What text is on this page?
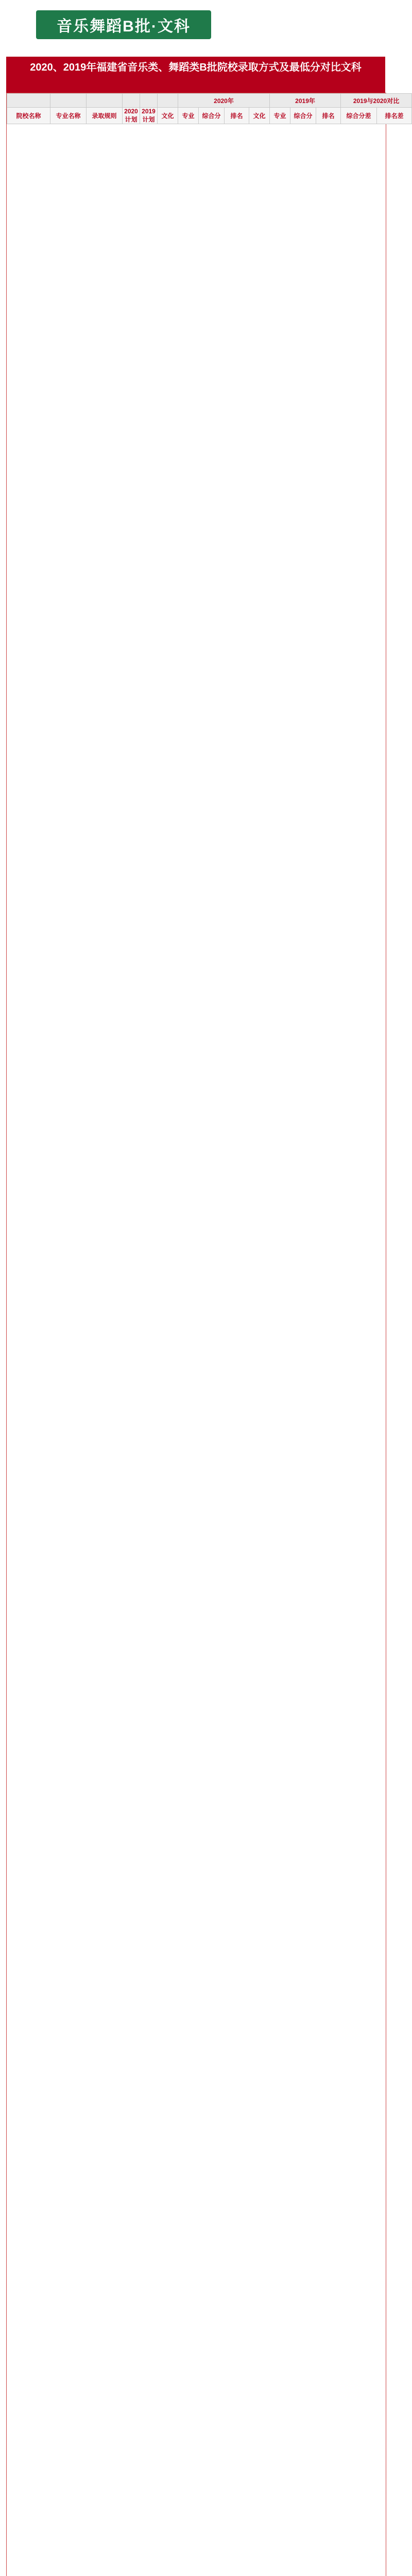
音乐舞蹈B批·文科
2020、2019年福建省音乐类、舞蹈类B批院校录取方式及最低分对比文科
						2020年				2019年			2019与2020对比	
院校名称	专业名称	录取规则	2020计划	2019计划	文化	专业	综合分	排名	文化	专业	综合分	排名	综合分差	排名差
